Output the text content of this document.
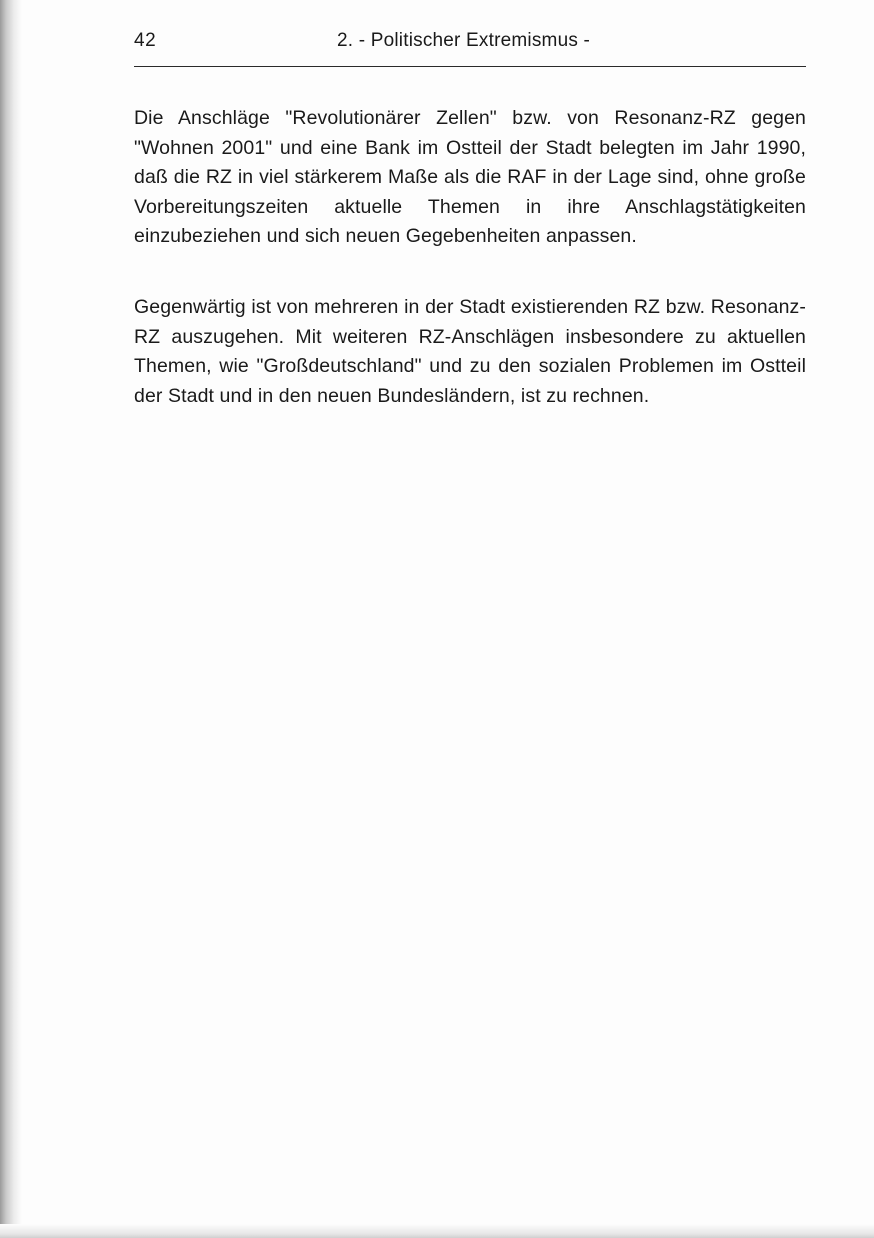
42	2. - Politischer Extremismus -

Die Anschläge "Revolutionärer Zellen" bzw. von Resonanz-RZ gegen "Wohnen 2001" und eine Bank im Ostteil der Stadt belegten im Jahr 1990, daß die RZ in viel stärkerem Maße als die RAF in der Lage sind, ohne große Vorbereitungszeiten aktuelle Themen in ihre Anschlagstätigkeiten einzubeziehen und sich neuen Gegebenheiten anpassen.

Gegenwärtig ist von mehreren in der Stadt existierenden RZ bzw. Resonanz-RZ auszugehen. Mit weiteren RZ-Anschlägen insbesondere zu aktuellen Themen, wie "Großdeutschland" und zu den sozialen Problemen im Ostteil der Stadt und in den neuen Bundesländern, ist zu rechnen.
